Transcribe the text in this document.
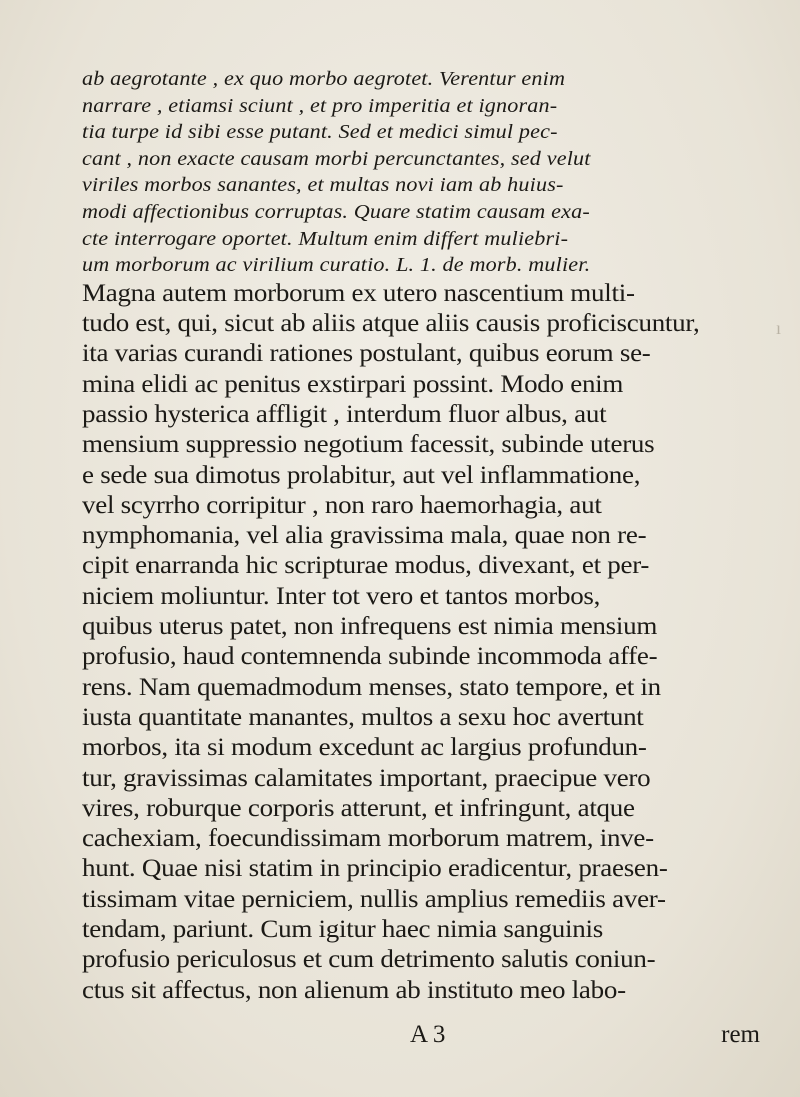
ab aegrotante , ex quo morbo aegrotet. Verentur enim
narrare , etiamsi sciunt , et pro imperitia et ignoran-
tia turpe id sibi esse putant. Sed et medici simul pec-
cant , non exacte causam morbi percunctantes, sed velut
viriles morbos sanantes, et multas novi iam ab huius-
modi affectionibus corruptas. Quare statim causam exa-
cte interrogare oportet. Multum enim differt muliebri-
um morborum ac virilium curatio. L. 1. de morb. mulier.
Magna autem morborum ex utero nascentium multi-
tudo est, qui, sicut ab aliis atque aliis causis proficiscuntur,
ita varias curandi rationes postulant, quibus eorum se-
mina elidi ac penitus exstirpari possint. Modo enim
passio hysterica affligit , interdum fluor albus, aut
mensium suppressio negotium facessit, subinde uterus
e sede sua dimotus prolabitur, aut vel inflammatione,
vel scyrrho corripitur , non raro haemorhagia, aut
nymphomania, vel alia gravissima mala, quae non re-
cipit enarranda hic scripturae modus, divexant, et per-
niciem moliuntur. Inter tot vero et tantos morbos,
quibus uterus patet, non infrequens est nimia mensium
profusio, haud contemnenda subinde incommoda affe-
rens. Nam quemadmodum menses, stato tempore, et in
iusta quantitate manantes, multos a sexu hoc avertunt
morbos, ita si modum excedunt ac largius profundun-
tur, gravissimas calamitates important, praecipue vero
vires, roburque corporis atterunt, et infringunt, atque
cachexiam, foecundissimam morborum matrem, inve-
hunt. Quae nisi statim in principio eradicentur, praesen-
tissimam vitae perniciem, nullis amplius remediis aver-
tendam, pariunt. Cum igitur haec nimia sanguinis
profusio periculosus et cum detrimento salutis coniun-
ctus sit affectus, non alienum ab instituto meo labo-
A 3	rem
ı
